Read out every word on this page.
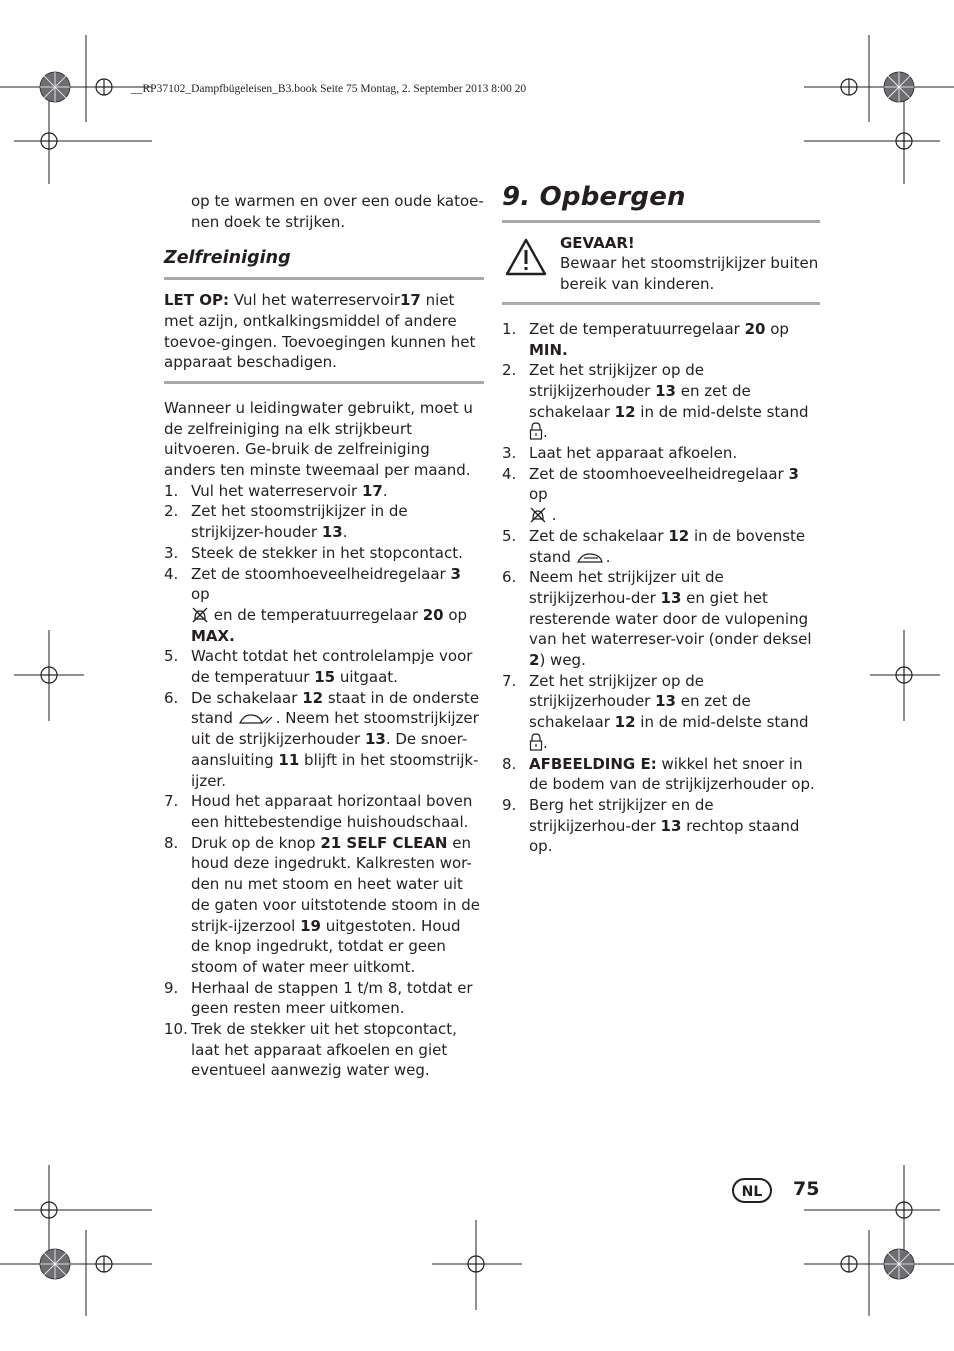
__RP37102_Dampfbügeleisen_B3.book Seite 75 Montag, 2. September 2013 8:00 20

op te warmen en over een oude katoe-nen doek te strijken.

Zelfreiniging

LET OP: Vul het waterreservoir17 niet met azijn, ontkalkingsmiddel of andere toevoe-gingen. Toevoegingen kunnen het apparaat beschadigen.

Wanneer u leidingwater gebruikt, moet u de zelfreiniging na elk strijkbeurt uitvoeren. Ge-bruik de zelfreiniging anders ten minste tweemaal per maand.

1. Vul het waterreservoir 17.
2. Zet het stoomstrijkijzer in de strijkijzer-houder 13.
3. Steek de stekker in het stopcontact.
4. Zet de stoomhoeveelheidregelaar 3 op
en de temperatuurregelaar 20 op
MAX.
5. Wacht totdat het controlelampje voor de temperatuur 15 uitgaat.
6. De schakelaar 12 staat in de onderste stand	. Neem het stoomstrijkijzer uit de strijkijzerhouder 13. De snoer-aansluiting 11 blijft in het stoomstrijk-ijzer.
7. Houd het apparaat horizontaal boven een hittebestendige huishoudschaal.
8. Druk op de knop 21 SELF CLEAN en houd deze ingedrukt. Kalkresten wor-den nu met stoom en heet water uit de gaten voor uitstotende stoom in de strijk-ijzerzool 19 uitgestoten. Houd de knop ingedrukt, totdat er geen stoom of water meer uitkomt.
9. Herhaal de stappen 1 t/m 8, totdat er geen resten meer uitkomen.
10. Trek de stekker uit het stopcontact, laat het apparaat afkoelen en giet eventueel aanwezig water weg.

9. Opbergen

GEVAAR!
Bewaar het stoomstrijkijzer buiten bereik van kinderen.
1. Zet de temperatuurregelaar 20 op
MIN.
2. Zet het strijkijzer op de strijkijzerhouder 13 en zet de schakelaar 12 in de mid-delste stand .
3. Laat het apparaat afkoelen.
4. Zet de stoomhoeveelheidregelaar 3 op
.
5. Zet de schakelaar 12 in de bovenste stand .
6. Neem het strijkijzer uit de strijkijzerhou-der 13 en giet het resterende water door de vulopening van het waterreser-voir (onder deksel 2) weg.
7. Zet het strijkijzer op de strijkijzerhouder 13 en zet de schakelaar 12 in de mid-delste stand .
8. AFBEELDING E: wikkel het snoer in de bodem van de strijkijzerhouder op.
9. Berg het strijkijzer en de strijkijzerhou-der 13 rechtop staand op.
NL	75
